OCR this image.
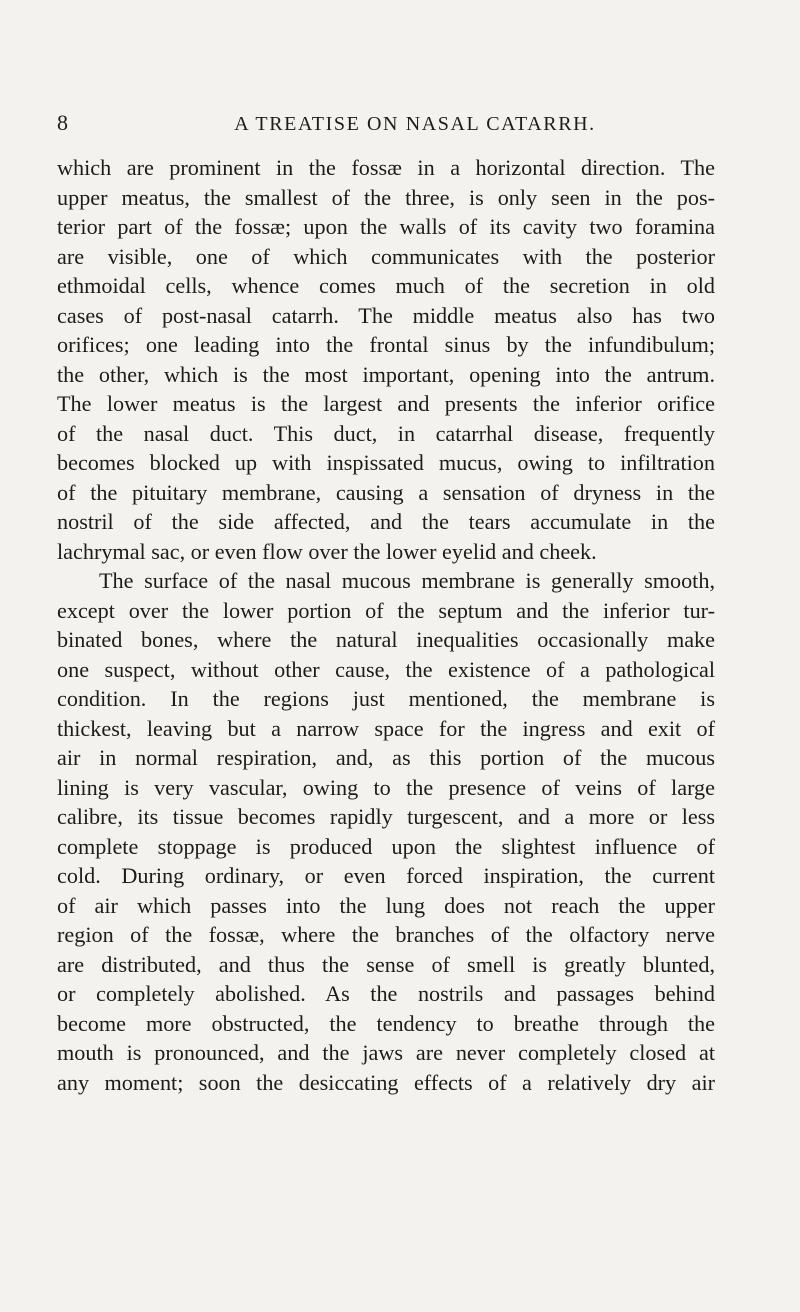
8	A TREATISE ON NASAL CATARRH.
which are prominent in the fossæ in a horizontal direction. The
upper meatus, the smallest of the three, is only seen in the pos-
terior part of the fossæ; upon the walls of its cavity two foramina
are visible, one of which communicates with the posterior
ethmoidal cells, whence comes much of the secretion in old
cases of post-nasal catarrh. The middle meatus also has two
orifices; one leading into the frontal sinus by the infundibulum;
the other, which is the most important, opening into the antrum.
The lower meatus is the largest and presents the inferior orifice
of the nasal duct. This duct, in catarrhal disease, frequently
becomes blocked up with inspissated mucus, owing to infiltration
of the pituitary membrane, causing a sensation of dryness in the
nostril of the side affected, and the tears accumulate in the
lachrymal sac, or even flow over the lower eyelid and cheek.
The surface of the nasal mucous membrane is generally smooth,
except over the lower portion of the septum and the inferior tur-
binated bones, where the natural inequalities occasionally make
one suspect, without other cause, the existence of a pathological
condition. In the regions just mentioned, the membrane is
thickest, leaving but a narrow space for the ingress and exit of
air in normal respiration, and, as this portion of the mucous
lining is very vascular, owing to the presence of veins of large
calibre, its tissue becomes rapidly turgescent, and a more or less
complete stoppage is produced upon the slightest influence of
cold. During ordinary, or even forced inspiration, the current
of air which passes into the lung does not reach the upper
region of the fossæ, where the branches of the olfactory nerve
are distributed, and thus the sense of smell is greatly blunted,
or completely abolished. As the nostrils and passages behind
become more obstructed, the tendency to breathe through the
mouth is pronounced, and the jaws are never completely closed at
any moment; soon the desiccating effects of a relatively dry air
